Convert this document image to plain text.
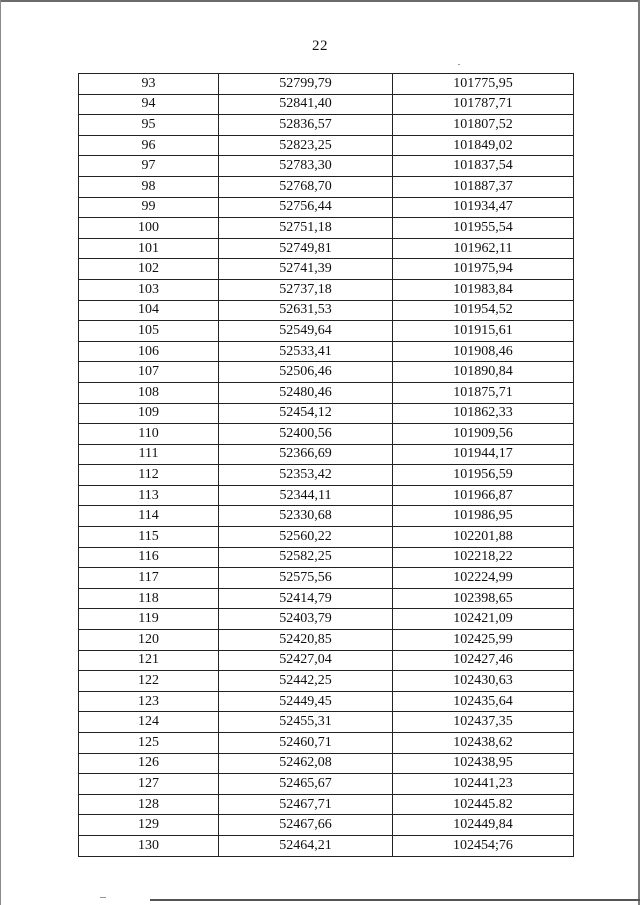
22
93	52799,79	101775,95
94	52841,40	101787,71
95	52836,57	101807,52
96	52823,25	101849,02
97	52783,30	101837,54
98	52768,70	101887,37
99	52756,44	101934,47
100	52751,18	101955,54
101	52749,81	101962,11
102	52741,39	101975,94
103	52737,18	101983,84
104	52631,53	101954,52
105	52549,64	101915,61
106	52533,41	101908,46
107	52506,46	101890,84
108	52480,46	101875,71
109	52454,12	101862,33
110	52400,56	101909,56
111	52366,69	101944,17
112	52353,42	101956,59
113	52344,11	101966,87
114	52330,68	101986,95
115	52560,22	102201,88
116	52582,25	102218,22
117	52575,56	102224,99
118	52414,79	102398,65
119	52403,79	102421,09
120	52420,85	102425,99
121	52427,04	102427,46
122	52442,25	102430,63
123	52449,45	102435,64
124	52455,31	102437,35
125	52460,71	102438,62
126	52462,08	102438,95
127	52465,67	102441,23
128	52467,71	102445.82
129	52467,66	102449,84
130	52464,21	102454;76
